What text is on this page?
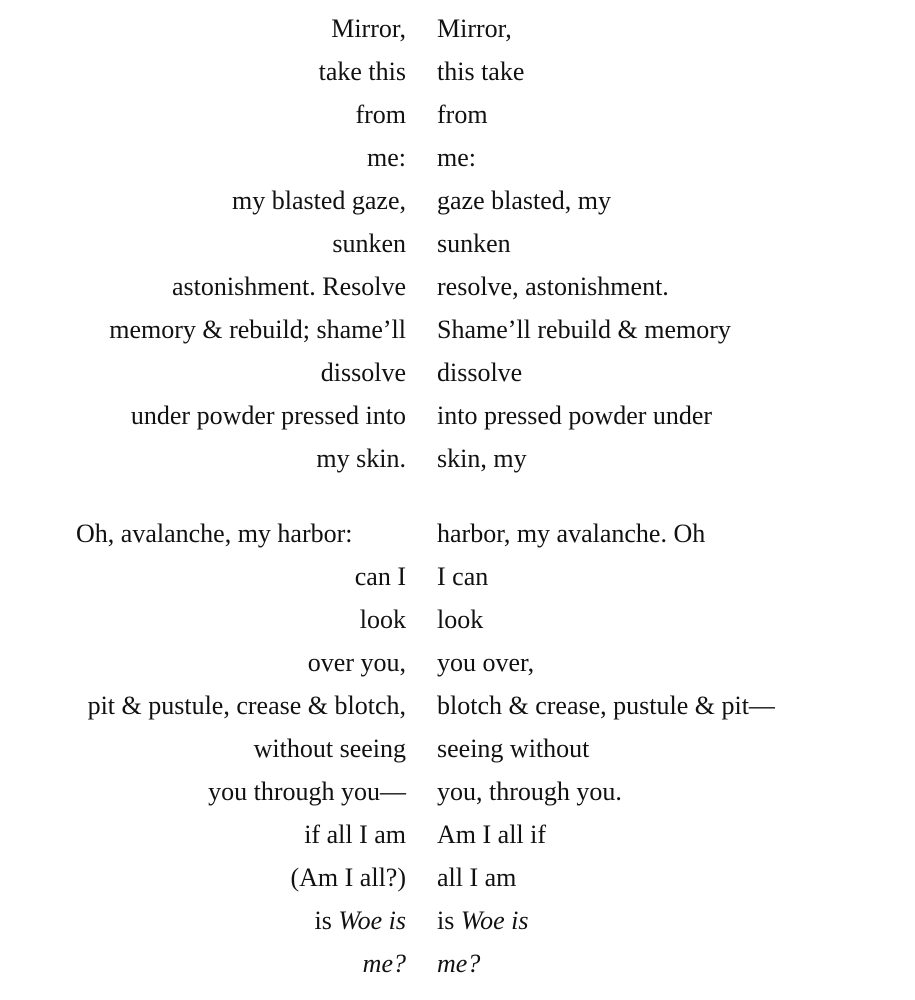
Mirror, Mirror,
take this this take
from from
me: me:
my blasted gaze, gaze blasted, my
sunken sunken
astonishment. Resolve resolve, astonishment.
memory & rebuild; shame’ll Shame’ll rebuild & memory
dissolve dissolve
under powder pressed into into pressed powder under
my skin. skin, my
Oh, avalanche, my harbor:	harbor, my avalanche. Oh
can I I can
look look
over you, you over,
pit & pustule, crease & blotch, blotch & crease, pustule & pit—
without seeing seeing without
you through you— you, through you.
if all I am Am I all if
(Am I all?) all I am
is Woe is is Woe is
me? me?
